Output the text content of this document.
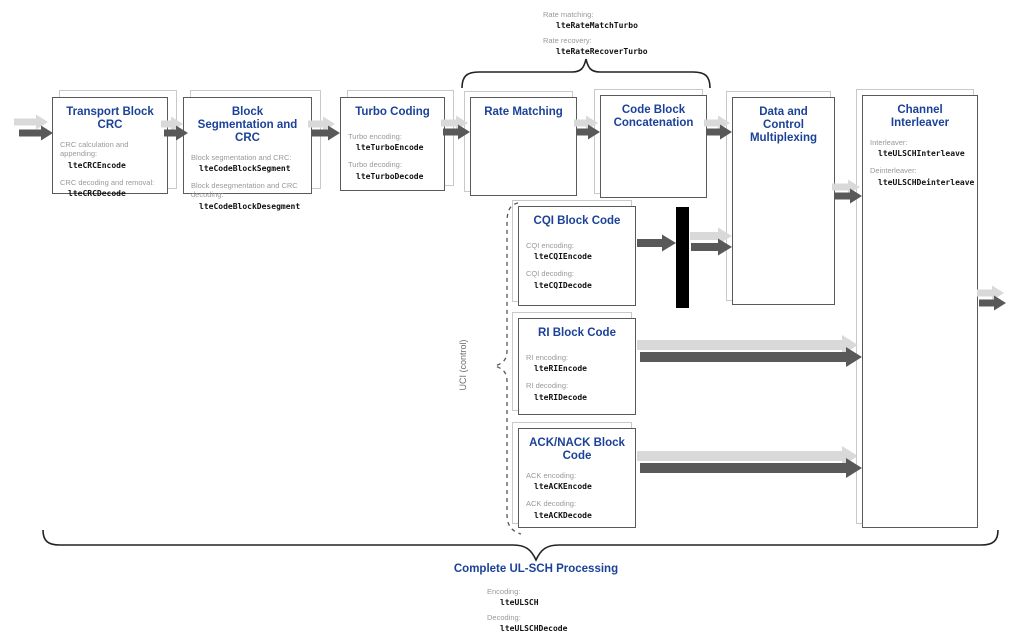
Transport Block CRC
CRC calculation and appending:
lteCRCEncode
CRC decoding and removal:
lteCRCDecode
Block Segmentation and CRC
Block segmentation and CRC:
lteCodeBlockSegment
Block desegmentation and CRC decoding:
lteCodeBlockDesegment
Turbo Coding
Turbo encoding:
lteTurboEncode
Turbo decoding:
lteTurboDecode
Rate Matching	Code Block Concatenation
Data and Control Multiplexing
Channel Interleaver
Interleaver:
lteULSCHInterleave
Deinterleaver:
lteULSCHDeinterleave
CQI Block Code
CQI encoding:
lteCQIEncode
CQI decoding:
lteCQIDecode
RI Block Code
RI encoding:
lteRIEncode
RI decoding:
lteRIDecode
ACK/NACK Block Code
ACK encoding:
lteACKEncode
ACK decoding:
lteACKDecode
UCI (control)
Rate matching:
lteRateMatchTurbo
Rate recovery:
lteRateRecoverTurbo
Complete UL-SCH Processing
Encoding:
lteULSCH
Decoding:
lteULSCHDecode
